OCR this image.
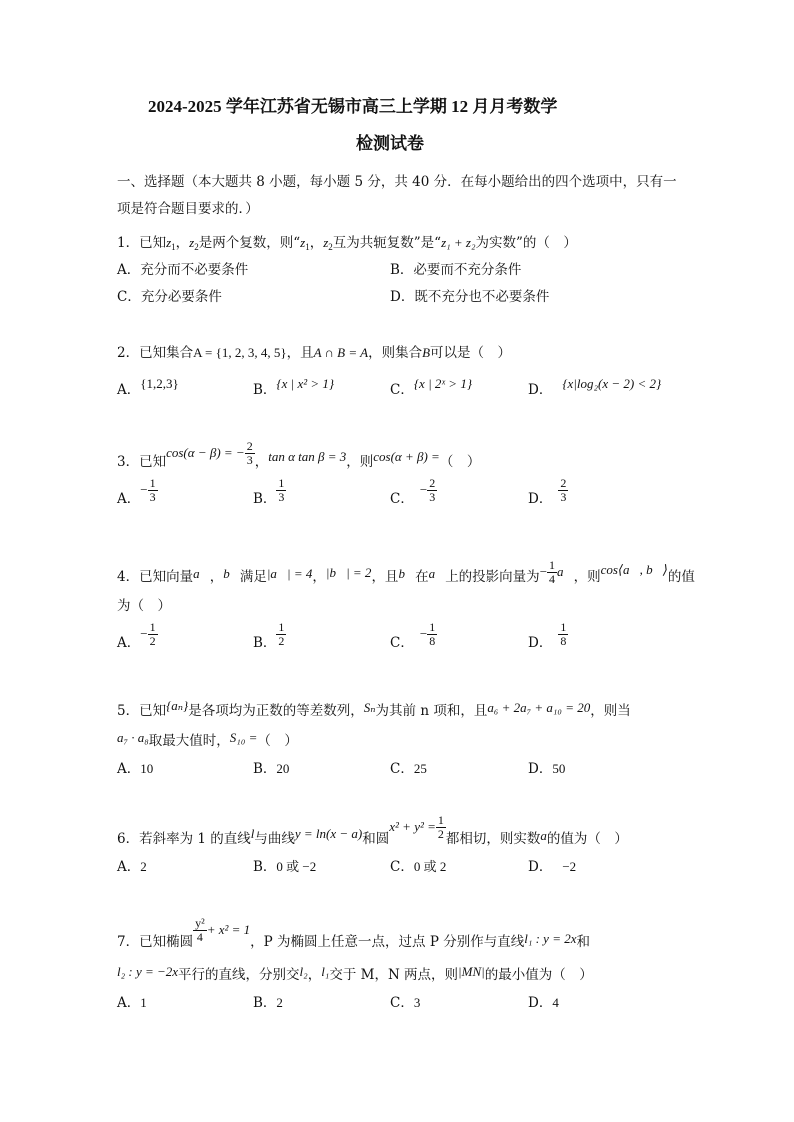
2024-2025 学年江苏省无锡市高三上学期 12 月月考数学
检测试卷
一、选择题（本大题共 8 小题，每小题 5 分，共 40 分．在每小题给出的四个选项中，只有一
项是符合题目要求的．）
1．已知$z_1$，$z_2$是两个复数，则“$z_1$，$z_2$互为共轭复数”是“z₁ + z₂为实数”的（　）
A．充分而不必要条件	B．必要而不充分条件
C．充分必要条件	D．既不充分也不必要条件
2．已知集合A = {1, 2, 3, 4, 5}，且A ∩ B = A，则集合B可以是（　）
A．{1,2,3}	B．{x | x² > 1}	C．{x | 2ˣ > 1}	D． {x|log₂(x − 2) < 2}
3．已知cos(α − β) = − $\frac{2}{3}$ ，tan α tan β = 3，则cos(α + β) =（　）
A．− $\frac{1}{3}$	B． $\frac{1}{3}$	C．− $\frac{2}{3}$	D． $\frac{2}{3}$
4．已知向量a⃗，b⃗满足|a⃗| = 4，|b⃗| = 2，且b⃗在a⃗上的投影向量为− $\frac{1}{4}$ a⃗，则cos⟨a⃗, b⃗⟩的值
为（　）
A．− $\frac{1}{2}$	B． $\frac{1}{2}$	C．− $\frac{1}{8}$	D． $\frac{1}{8}$
5．已知{aₙ}是各项均为正数的等差数列，Sₙ为其前 n 项和，且a₆ + 2a₇ + a₁₀ = 20，则当
a₇ · a₈取最大值时，S₁₀ =（　）
A．10	B．20	C．25	D．50
6．若斜率为 1 的直线l与曲线y = ln(x − a)和圆$x^2 + y^2 = \frac{1}{2}$ 都相切，则实数a的值为（　）
A．2	B．0 或 −2	C．0 或 2	D． −2
7．已知椭圆 $\frac{\text{y²}}{4} + x^2 = 1$，P 为椭圆上任意一点，过点 P 分别作与直线l₁ : y = 2x和
l₂ : y = −2x平行的直线，分别交l₂，l₁交于 M，N 两点，则|MN|的最小值为（　）
A．1	B．2	C．3	D．4
